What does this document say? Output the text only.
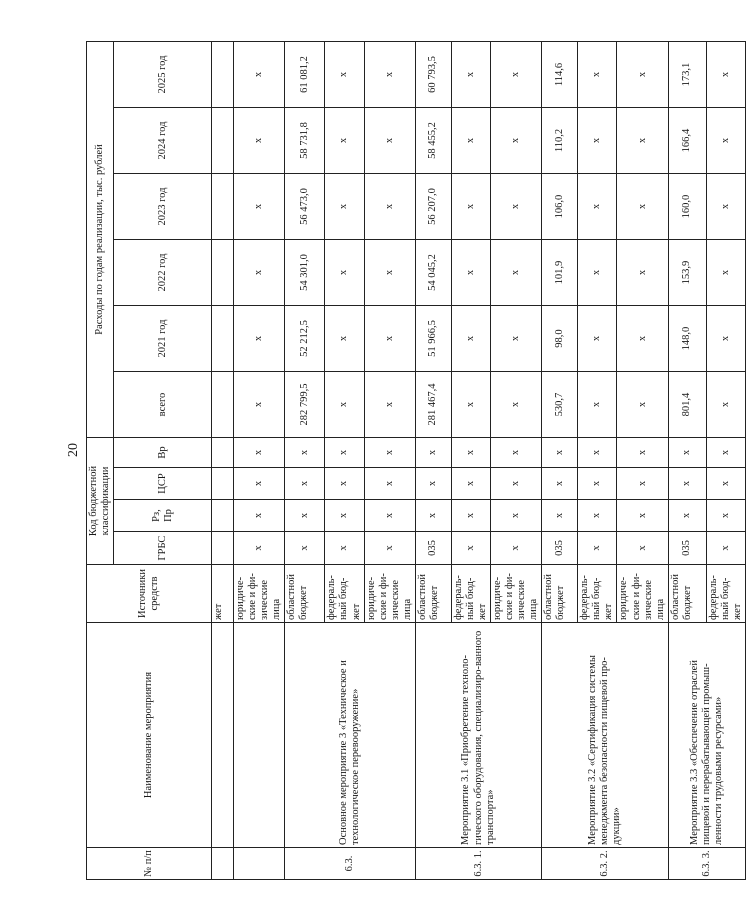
20
№ п/п	Наименование мероприятия	Источники средств	Код бюджетной классификации				Расходы по годам реализации, тыс. рублей					
			ГРБС	Рз, Пр	ЦСР	Вр	всего	2021 год	2022 год	2023 год	2024 год	2025 год
		жет										
		юридиче-ские и фи-зические лица	x	x	x	x	x	x	x	x	x	x
6.3.	Основное мероприятие 3 «Техническое и технологическое перевооружение»	областной бюджет	x	x	x	x	282 799,5	52 212,5	54 301,0	56 473,0	58 731,8	61 081,2
		федераль-ный бюд-жет	x	x	x	x	x	x	x	x	x	x
		юридиче-ские и фи-зические лица	x	x	x	x	x	x	x	x	x	x
6.3. 1.	Мероприятие 3.1 «Приобретение техноло-гического оборудования, специализиро-ванного транспорта»	областной бюджет	035	x	x	x	281 467,4	51 966,5	54 045,2	56 207,0	58 455,2	60 793,5
		федераль-ный бюд-жет	x	x	x	x	x	x	x	x	x	x
		юридиче-ские и фи-зические лица	x	x	x	x	x	x	x	x	x	x
6.3. 2.	Мероприятие 3.2 «Сертификация системы менеджмента безопасности пищевой про-дукции»	областной бюджет	035	x	x	x	530,7	98,0	101,9	106,0	110,2	114,6
		федераль-ный бюд-жет	x	x	x	x	x	x	x	x	x	x
		юридиче-ские и фи-зические лица	x	x	x	x	x	x	x	x	x	x
6.3. 3.	Мероприятие 3.3 «Обеспечение отраслей пищевой и перерабатывающей промыш-ленности трудовыми ресурсами»	областной бюджет	035	x	x	x	801,4	148,0	153,9	160,0	166,4	173,1
		федераль-ный бюд-жет	x	x	x	x	x	x	x	x	x	x
